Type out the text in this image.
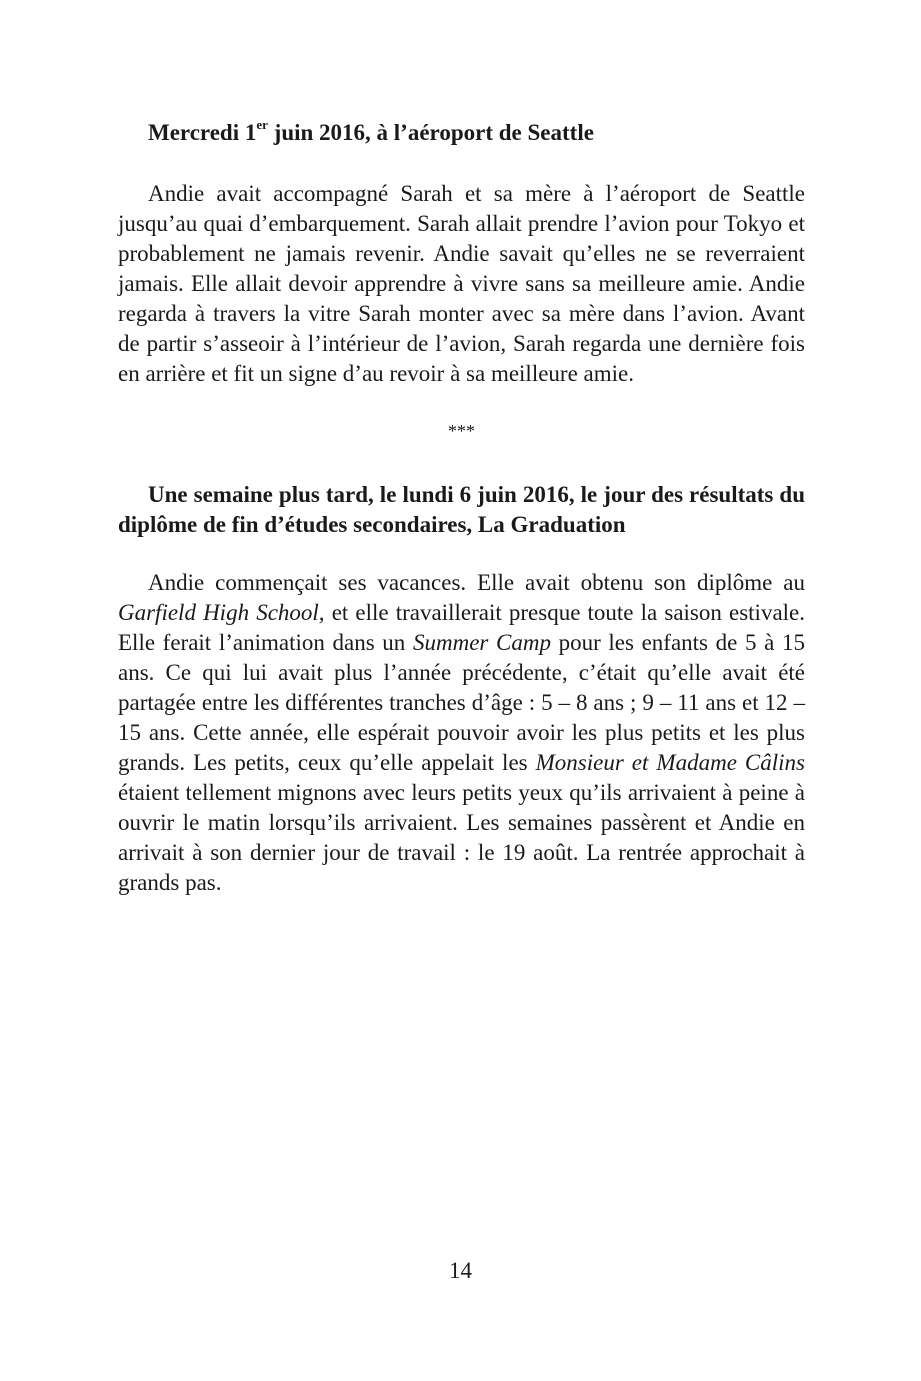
Mercredi 1er juin 2016, à l’aéroport de Seattle

Andie avait accompagné Sarah et sa mère à l’aéroport de Seattle jusqu’au quai d’embarquement. Sarah allait prendre l’avion pour Tokyo et probablement ne jamais revenir. Andie savait qu’elles ne se reverraient jamais. Elle allait devoir apprendre à vivre sans sa meilleure amie. Andie regarda à travers la vitre Sarah monter avec sa mère dans l’avion. Avant de partir s’asseoir à l’intérieur de l’avion, Sarah regarda une dernière fois en arrière et fit un signe d’au revoir à sa meilleure amie.

***

Une semaine plus tard, le lundi 6 juin 2016, le jour des résultats du diplôme de fin d’études secondaires, La Graduation

Andie commençait ses vacances. Elle avait obtenu son diplôme au Garfield High School, et elle travaillerait presque toute la saison estivale. Elle ferait l’animation dans un Summer Camp pour les enfants de 5 à 15 ans. Ce qui lui avait plus l’année précédente, c’était qu’elle avait été partagée entre les différentes tranches d’âge : 5 – 8 ans ; 9 – 11 ans et 12 – 15 ans. Cette année, elle espérait pouvoir avoir les plus petits et les plus grands. Les petits, ceux qu’elle appelait les Monsieur et Madame Câlins étaient tellement mignons avec leurs petits yeux qu’ils arrivaient à peine à ouvrir le matin lorsqu’ils arrivaient. Les semaines passèrent et Andie en arrivait à son dernier jour de travail : le 19 août. La rentrée approchait à grands pas.

14
